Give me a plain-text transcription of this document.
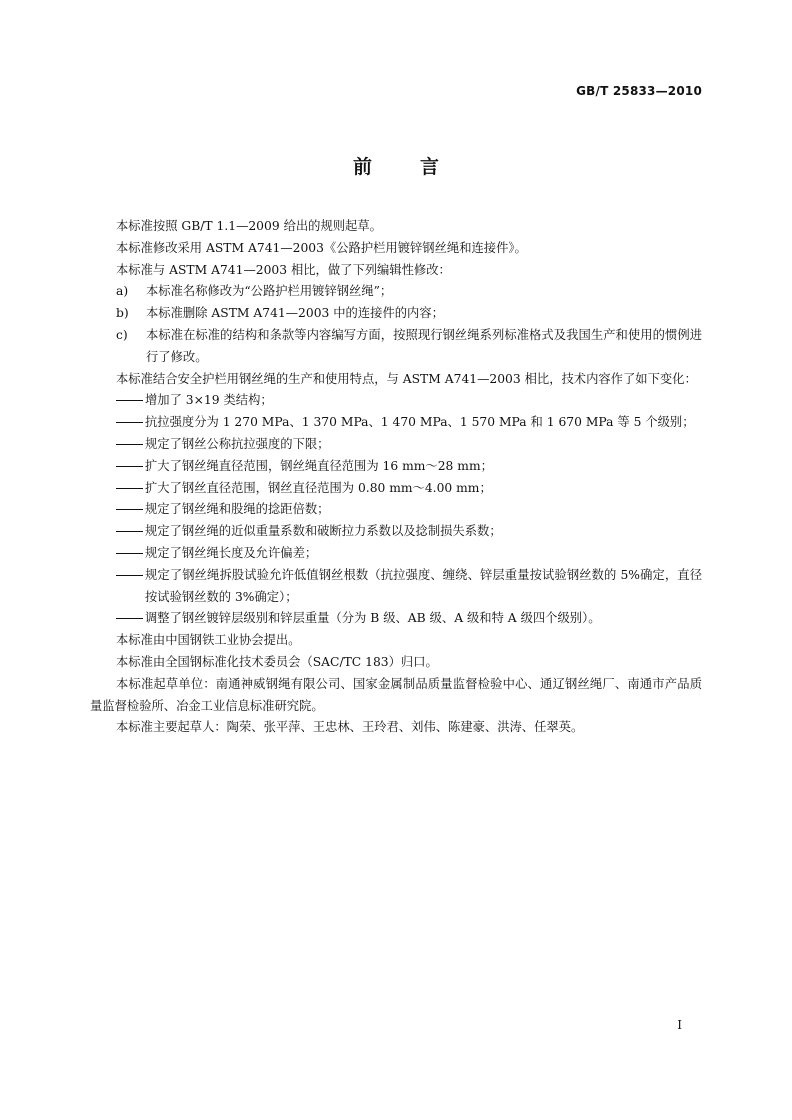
GB/T 25833—2010
前言

本标准按照 GB/T 1.1—2009 给出的规则起草。

本标准修改采用 ASTM A741—2003《公路护栏用镀锌钢丝绳和连接件》。

本标准与 ASTM A741—2003 相比，做了下列编辑性修改：

a) 本标准名称修改为“公路护栏用镀锌钢丝绳”；
b) 本标准删除 ASTM A741—2003 中的连接件的内容；
c) 本标准在标准的结构和条款等内容编写方面，按照现行钢丝绳系列标准格式及我国生产和使用的惯例进行了修改。

本标准结合安全护栏用钢丝绳的生产和使用特点，与 ASTM A741—2003 相比，技术内容作了如下变化：

增加了 3×19 类结构；
抗拉强度分为 1 270 MPa、1 370 MPa、1 470 MPa、1 570 MPa 和 1 670 MPa 等 5 个级别；
规定了钢丝公称抗拉强度的下限；
扩大了钢丝绳直径范围，钢丝绳直径范围为 16 mm～28 mm；
扩大了钢丝直径范围，钢丝直径范围为 0.80 mm～4.00 mm；
规定了钢丝绳和股绳的捻距倍数；
规定了钢丝绳的近似重量系数和破断拉力系数以及捻制损失系数；
规定了钢丝绳长度及允许偏差；
规定了钢丝绳拆股试验允许低值钢丝根数（抗拉强度、缠绕、锌层重量按试验钢丝数的 5%确定，直径按试验钢丝数的 3%确定）；
调整了钢丝镀锌层级别和锌层重量（分为 B 级、AB 级、A 级和特 A 级四个级别）。

本标准由中国钢铁工业协会提出。

本标准由全国钢标准化技术委员会（SAC/TC 183）归口。

本标准起草单位：南通神威钢绳有限公司、国家金属制品质量监督检验中心、通辽钢丝绳厂、南通市产品质量监督检验所、冶金工业信息标准研究院。

本标准主要起草人：陶荣、张平萍、王忠林、王玲君、刘伟、陈建豪、洪涛、任翠英。

I
